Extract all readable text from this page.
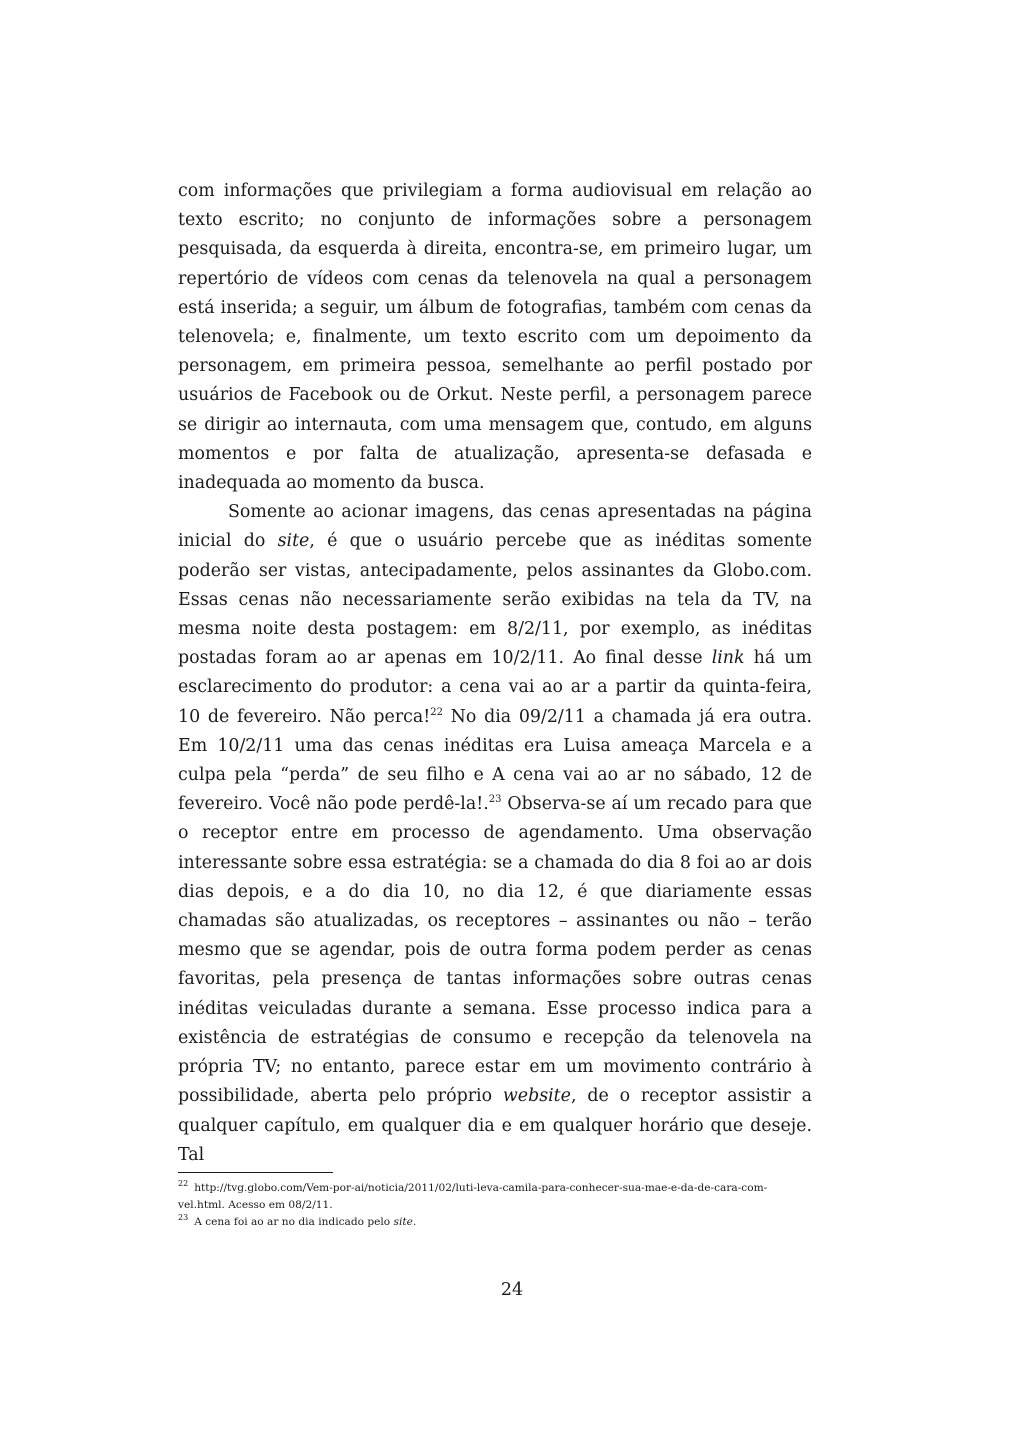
com informações que privilegiam a forma audiovisual em relação ao texto escrito; no conjunto de informações sobre a personagem pesquisada, da esquerda à direita, encontra-se, em primeiro lugar, um repertório de vídeos com cenas da telenovela na qual a personagem está inserida; a seguir, um álbum de fotografias, também com cenas da telenovela; e, finalmente, um texto escrito com um depoimento da personagem, em primeira pessoa, semelhante ao perfil postado por usuários de Facebook ou de Orkut. Neste perfil, a personagem parece se dirigir ao internauta, com uma mensagem que, contudo, em alguns momentos e por falta de atualização, apresenta-se defasada e inadequada ao momento da busca.

Somente ao acionar imagens, das cenas apresentadas na página inicial do site, é que o usuário percebe que as inéditas somente poderão ser vistas, antecipadamente, pelos assinantes da Globo.com. Essas cenas não necessariamente serão exibidas na tela da TV, na mesma noite desta postagem: em 8/2/11, por exemplo, as inéditas postadas foram ao ar apenas em 10/2/11. Ao final desse link há um esclarecimento do produtor: a cena vai ao ar a partir da quinta-feira, 10 de fevereiro. Não perca!$^{22}$ No dia 09/2/11 a chamada já era outra. Em 10/2/11 uma das cenas inéditas era Luisa ameaça Marcela e a culpa pela “perda” de seu filho e A cena vai ao ar no sábado, 12 de fevereiro. Você não pode perdê-la!.$^{23}$ Observa-se aí um recado para que o receptor entre em processo de agendamento. Uma observação interessante sobre essa estratégia: se a chamada do dia 8 foi ao ar dois dias depois, e a do dia 10, no dia 12, é que diariamente essas chamadas são atualizadas, os receptores – assinantes ou não – terão mesmo que se agendar, pois de outra forma podem perder as cenas favoritas, pela presença de tantas informações sobre outras cenas inéditas veiculadas durante a semana. Esse processo indica para a existência de estratégias de consumo e recepção da telenovela na própria TV; no entanto, parece estar em um movimento contrário à possibilidade, aberta pelo próprio website, de o receptor assistir a qualquer capítulo, em qualquer dia e em qualquer horário que deseje. Tal

$^{22}$ http://tvg.globo.com/Vem-por-ai/noticia/2011/02/luti-leva-camila-para-conhecer-sua-mae-e-da-de-cara-com-vel.html. Acesso em 08/2/11.

$^{23}$ A cena foi ao ar no dia indicado pelo site.

24
